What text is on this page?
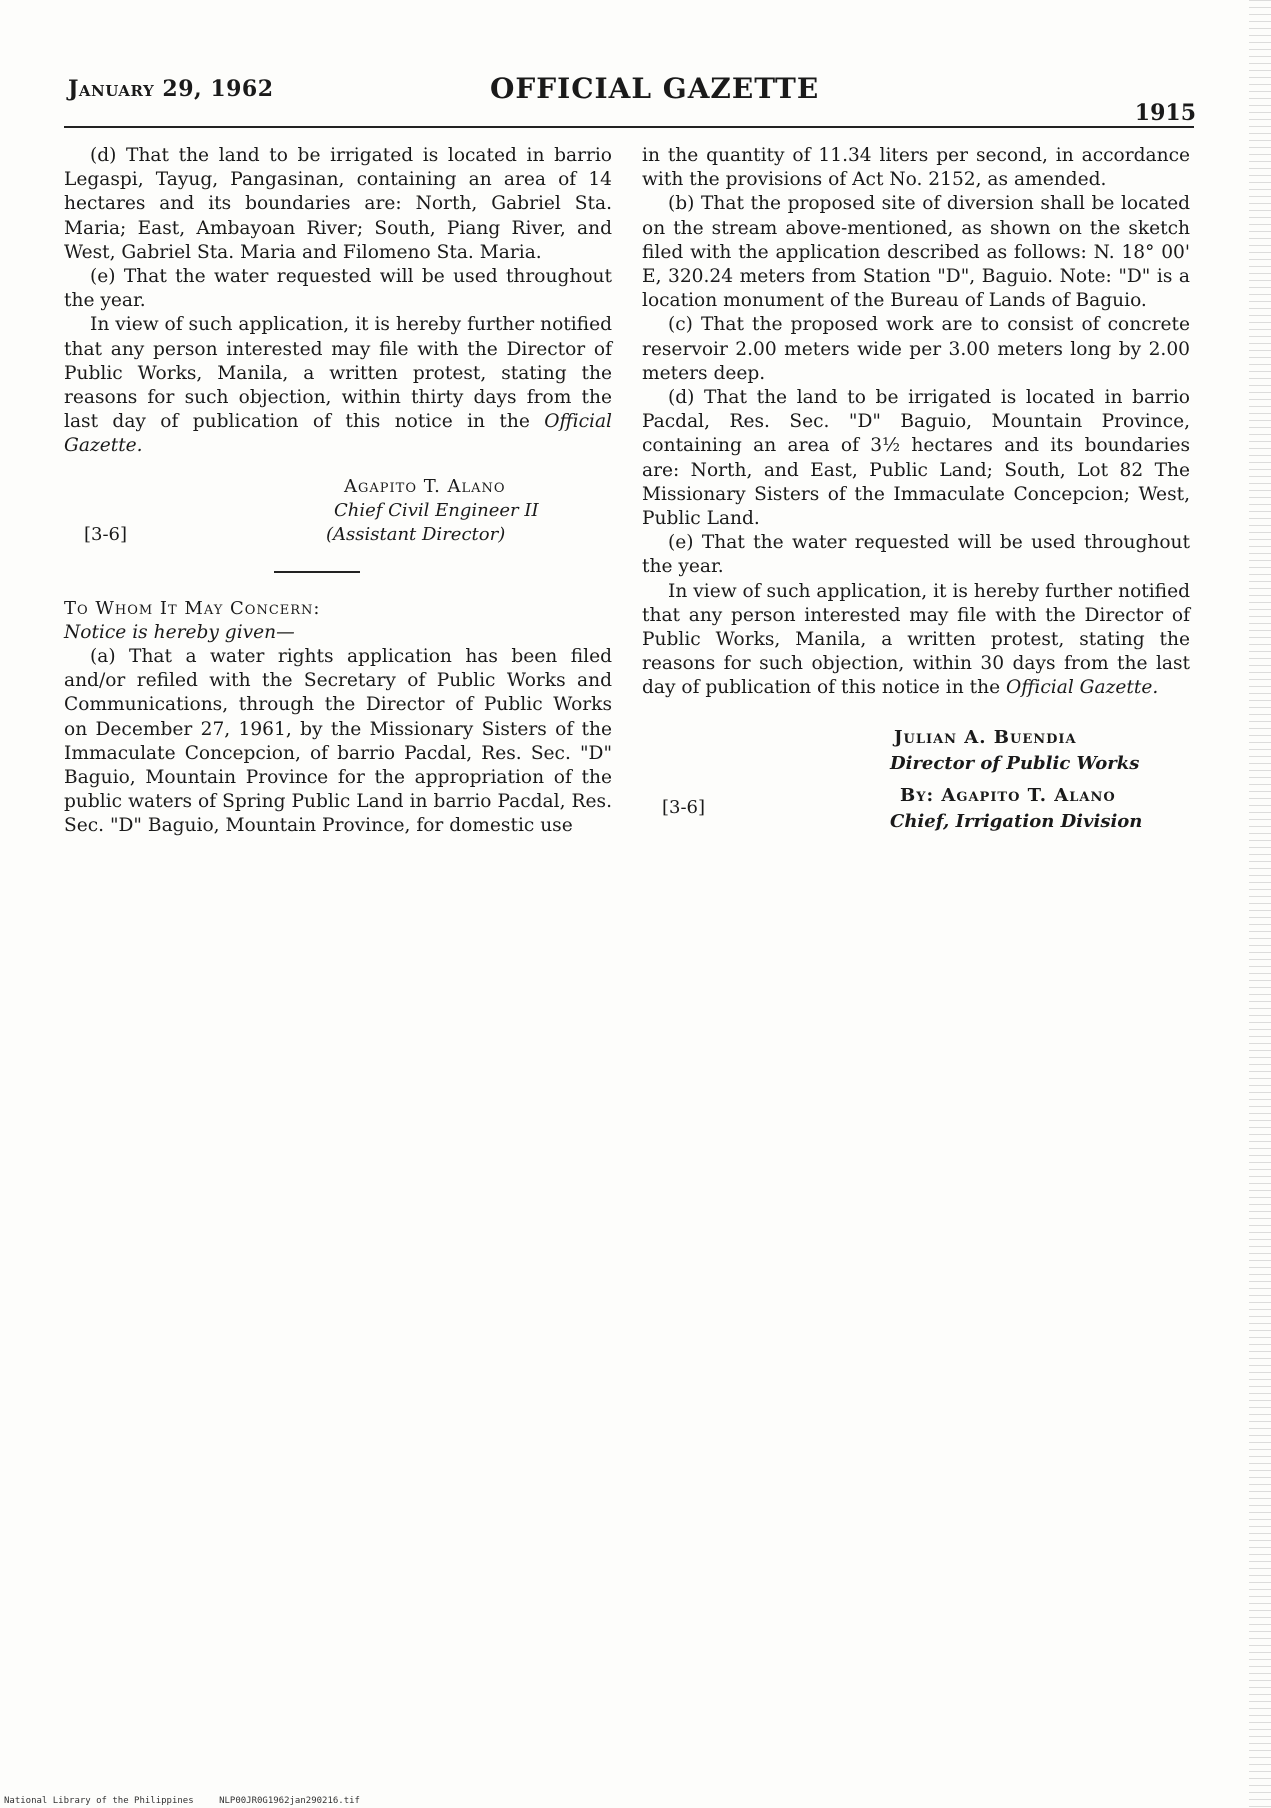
January 29, 1962	OFFICIAL GAZETTE
1915

(d) That the land to be irrigated is located in barrio Legaspi, Tayug, Pangasinan, containing an area of 14 hectares and its boundaries are: North, Gabriel Sta. Maria; East, Ambayoan River; South, Piang River, and West, Gabriel Sta. Maria and Filomeno Sta. Maria.

(e) That the water requested will be used throughout the year.

In view of such application, it is hereby further notified that any person interested may file with the Director of Public Works, Manila, a written protest, stating the reasons for such objection, within thirty days from the last day of publication of this notice in the Official Gazette.

Agapito T. Alano
Chief Civil Engineer II
[3-6]	(Assistant Director)
To Whom It May Concern:

Notice is hereby given—

(a) That a water rights application has been filed and/or refiled with the Secretary of Public Works and Communications, through the Director of Public Works on December 27, 1961, by the Missionary Sisters of the Immaculate Concepcion, of barrio Pacdal, Res. Sec. "D" Baguio, Mountain Province for the appropriation of the public waters of Spring Public Land in barrio Pacdal, Res. Sec. "D" Baguio, Mountain Province, for domestic use

in the quantity of 11.34 liters per second, in accordance with the provisions of Act No. 2152, as amended.

(b) That the proposed site of diversion shall be located on the stream above-mentioned, as shown on the sketch filed with the application described as follows: N. 18° 00' E, 320.24 meters from Station "D", Baguio. Note: "D" is a location monument of the Bureau of Lands of Baguio.

(c) That the proposed work are to consist of concrete reservoir 2.00 meters wide per 3.00 meters long by 2.00 meters deep.

(d) That the land to be irrigated is located in barrio Pacdal, Res. Sec. "D" Baguio, Mountain Province, containing an area of 3½ hectares and its boundaries are: North, and East, Public Land; South, Lot 82 The Missionary Sisters of the Immaculate Concepcion; West, Public Land.

(e) That the water requested will be used throughout the year.

In view of such application, it is hereby further notified that any person interested may file with the Director of Public Works, Manila, a written protest, stating the reasons for such objection, within 30 days from the last day of publication of this notice in the Official Gazette.

Julian A. Buendia
Director of Public Works
By: Agapito T. Alano
Chief, Irrigation Division
[3-6]
National Library of the Philippines	NLP00JR0G1962jan290216.tif
